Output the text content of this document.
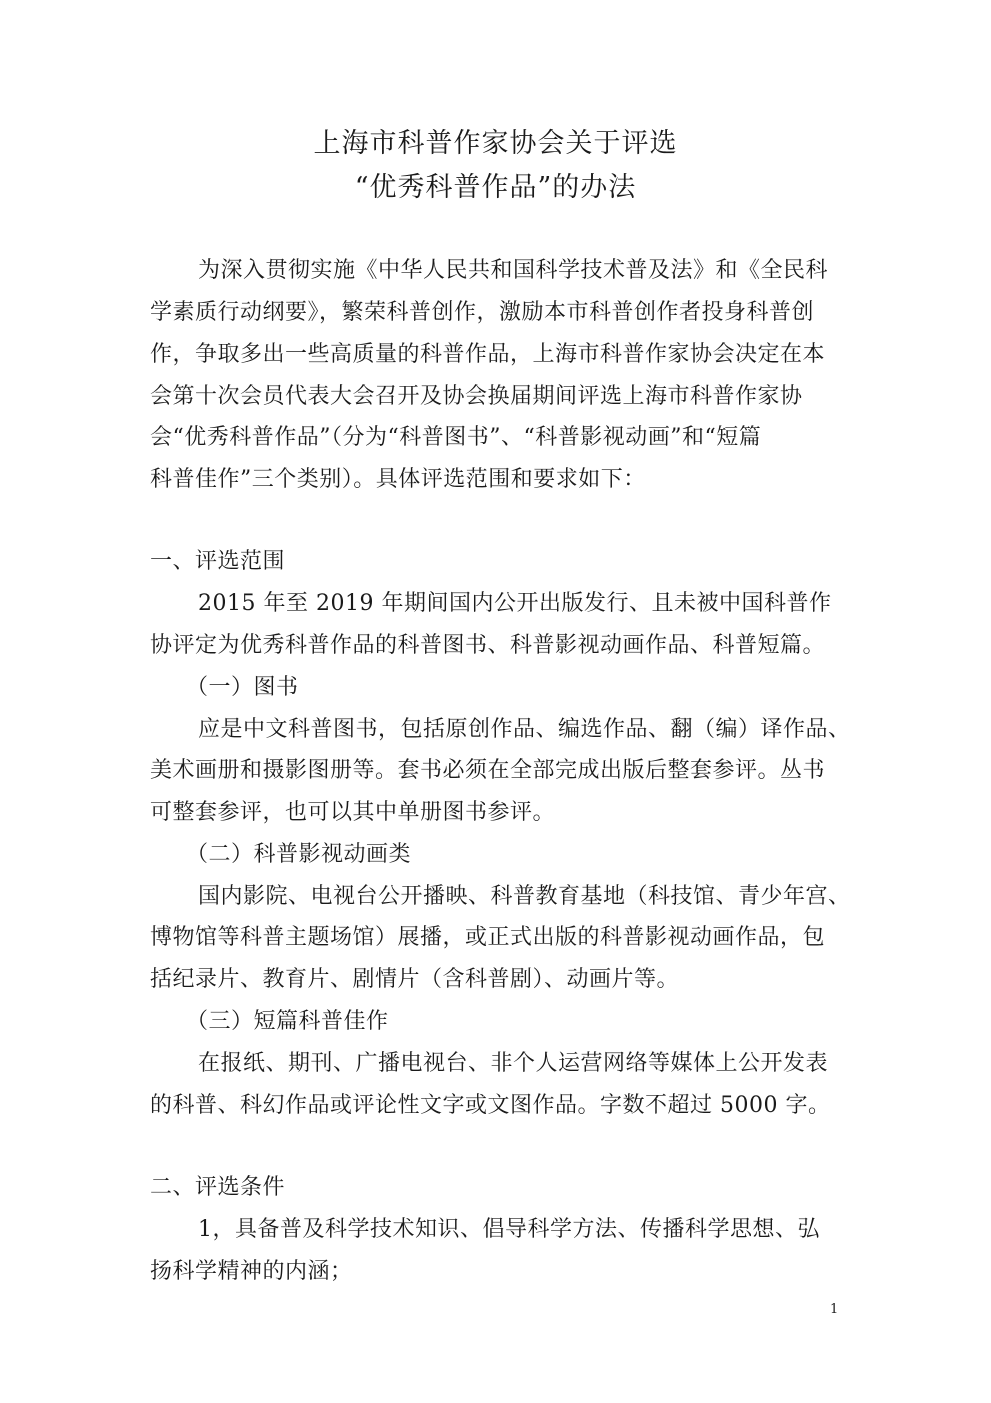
上海市科普作家协会关于评选
“优秀科普作品”的办法
为深入贯彻实施《中华人民共和国科学技术普及法》和《全民科
学素质行动纲要》，繁荣科普创作，激励本市科普创作者投身科普创
作，争取多出一些高质量的科普作品，上海市科普作家协会决定在本
会第十次会员代表大会召开及协会换届期间评选上海市科普作家协
会“优秀科普作品”（分为“科普图书”、“科普影视动画”和“短篇
科普佳作”三个类别）。具体评选范围和要求如下：
一、评选范围
2015 年至 2019 年期间国内公开出版发行、且未被中国科普作
协评定为优秀科普作品的科普图书、科普影视动画作品、科普短篇。
（一）图书
应是中文科普图书，包括原创作品、编选作品、翻（编）译作品、
美术画册和摄影图册等。套书必须在全部完成出版后整套参评。丛书
可整套参评，也可以其中单册图书参评。
（二）科普影视动画类
国内影院、电视台公开播映、科普教育基地（科技馆、青少年宫、
博物馆等科普主题场馆）展播，或正式出版的科普影视动画作品，包
括纪录片、教育片、剧情片（含科普剧）、动画片等。
（三）短篇科普佳作
在报纸、期刊、广播电视台、非个人运营网络等媒体上公开发表
的科普、科幻作品或评论性文字或文图作品。字数不超过 5000 字。
二、评选条件
1，具备普及科学技术知识、倡导科学方法、传播科学思想、弘
扬科学精神的内涵；
1
